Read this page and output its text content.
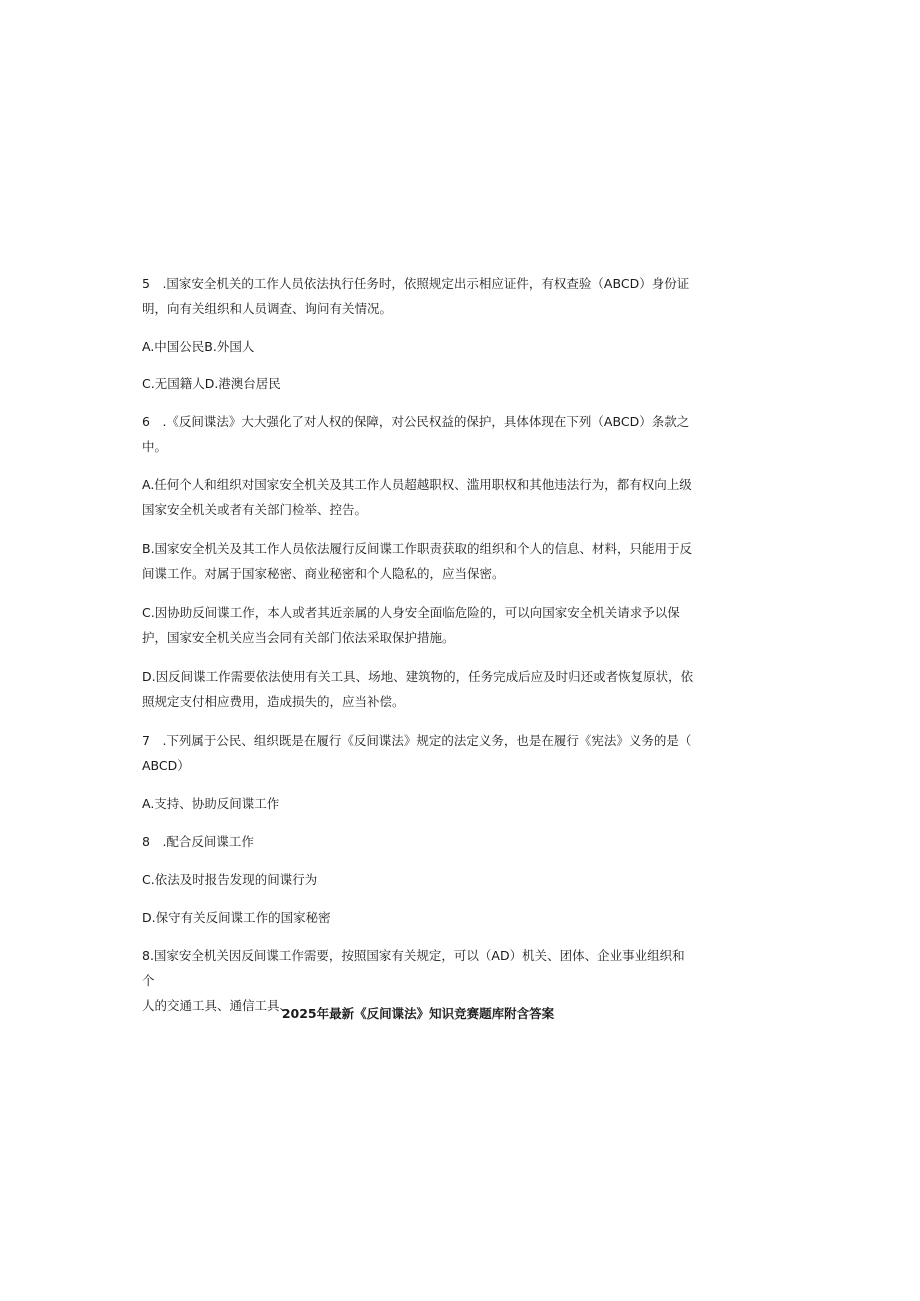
5　.国家安全机关的工作人员依法执行任务时，依照规定出示相应证件，有权查验（ABCD）身份证
明，向有关组织和人员调查、询问有关情况。

A.中国公民B.外国人

C.无国籍人D.港澳台居民

6　.《反间谍法》大大强化了对人权的保障，对公民权益的保护，具体体现在下列（ABCD）条款之
中。

A.任何个人和组织对国家安全机关及其工作人员超越职权、滥用职权和其他违法行为，都有权向上级
国家安全机关或者有关部门检举、控告。

B.国家安全机关及其工作人员依法履行反间谍工作职责获取的组织和个人的信息、材料，只能用于反
间谍工作。对属于国家秘密、商业秘密和个人隐私的，应当保密。

C.因协助反间谍工作，本人或者其近亲属的人身安全面临危险的，可以向国家安全机关请求予以保
护，国家安全机关应当会同有关部门依法采取保护措施。

D.因反间谍工作需要依法使用有关工具、场地、建筑物的，任务完成后应及时归还或者恢复原状，依
照规定支付相应费用，造成损失的，应当补偿。

7　.下列属于公民、组织既是在履行《反间谍法》规定的法定义务，也是在履行《宪法》义务的是（
ABCD）

A.支持、协助反间谍工作

8　.配合反间谍工作

C.依法及时报告发现的间谍行为

D.保守有关反间谍工作的国家秘密

8.国家安全机关因反间谍工作需要，按照国家有关规定，可以（AD）机关、团体、企业事业组织和个
人的交通工具、通信工具、

2025年最新《反间谍法》知识竞赛题库附含答案
